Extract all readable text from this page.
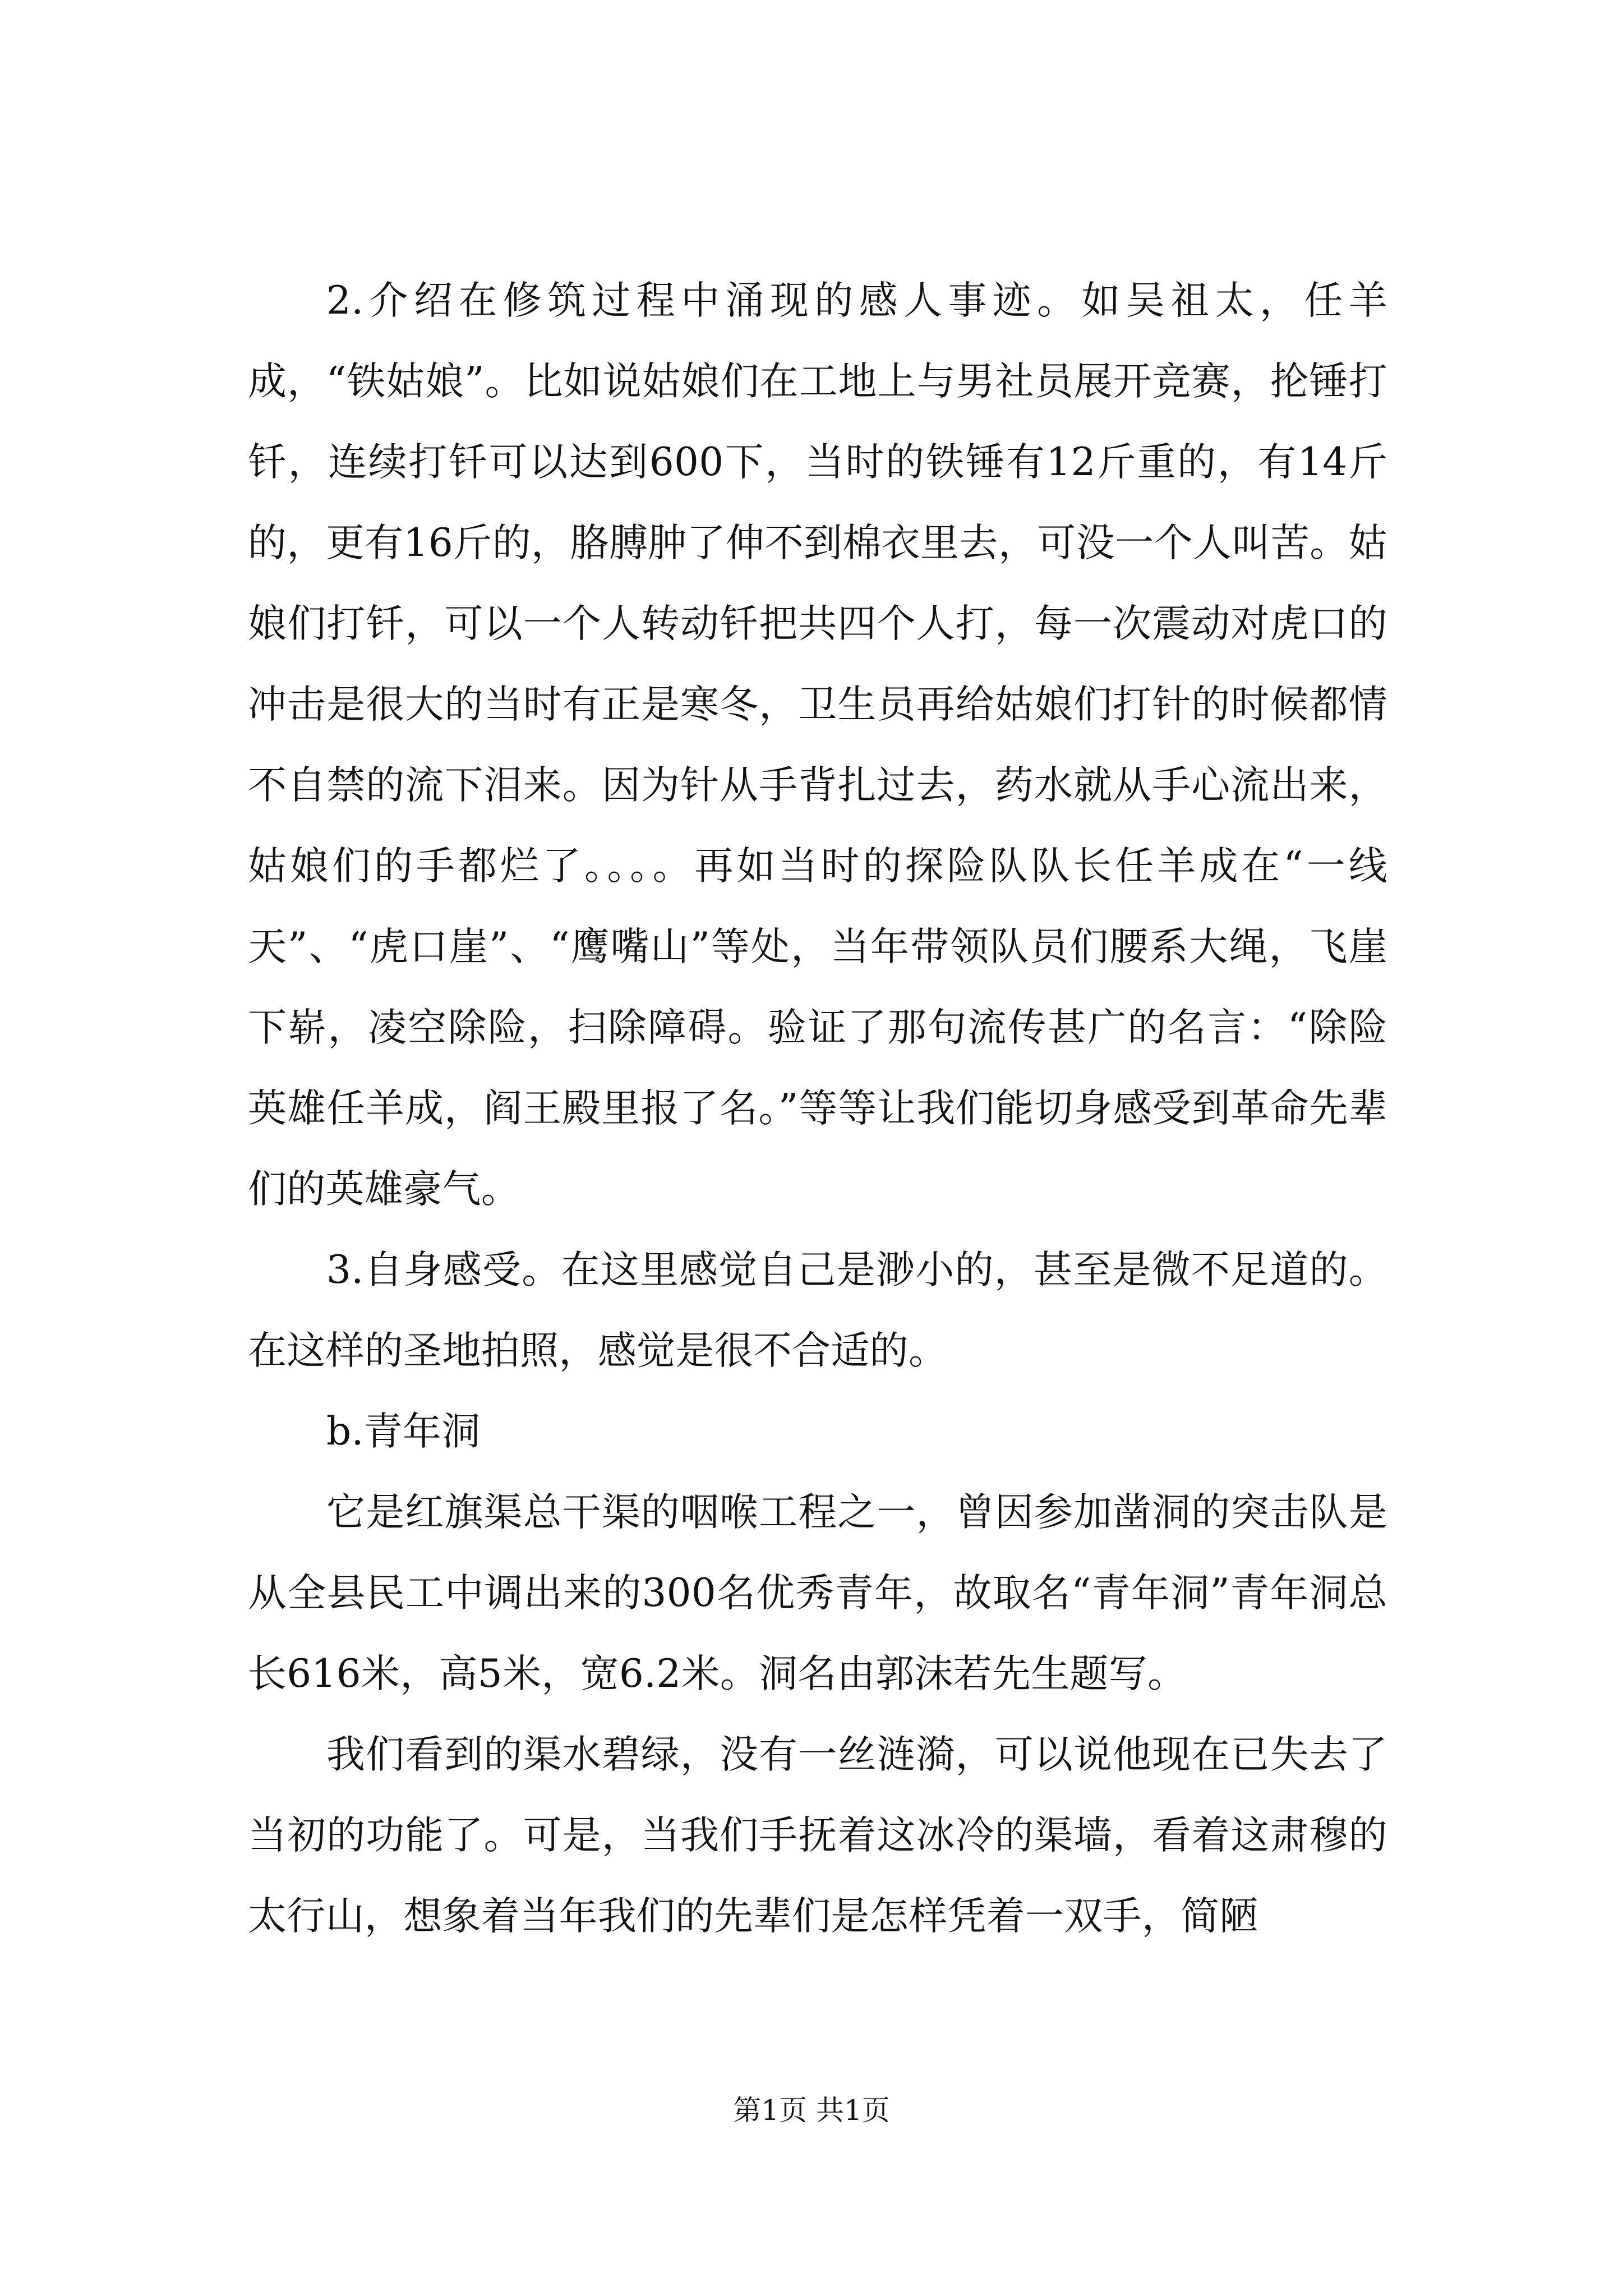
2.介绍在修筑过程中涌现的感人事迹。如吴祖太，任羊成，“铁姑娘”。比如说姑娘们在工地上与男社员展开竞赛，抡锤打钎，连续打钎可以达到600下，当时的铁锤有12斤重的，有14斤的，更有16斤的，胳膊肿了伸不到棉衣里去，可没一个人叫苦。姑娘们打钎，可以一个人转动钎把共四个人打，每一次震动对虎口的冲击是很大的当时有正是寒冬，卫生员再给姑娘们打针的时候都情不自禁的流下泪来。因为针从手背扎过去，药水就从手心流出来，姑娘们的手都烂了。。。。再如当时的探险队队长任羊成在“一线天”、“虎口崖”、“鹰嘴山”等处，当年带领队员们腰系大绳，飞崖下崭，凌空除险，扫除障碍。验证了那句流传甚广的名言：“除险英雄任羊成，阎王殿里报了名。”等等让我们能切身感受到革命先辈们的英雄豪气。

3.自身感受。在这里感觉自己是渺小的，甚至是微不足道的。在这样的圣地拍照，感觉是很不合适的。

b.青年洞

它是红旗渠总干渠的咽喉工程之一，曾因参加凿洞的突击队是从全县民工中调出来的300名优秀青年，故取名“青年洞”青年洞总长616米，高5米，宽6.2米。洞名由郭沫若先生题写。

我们看到的渠水碧绿，没有一丝涟漪，可以说他现在已失去了当初的功能了。可是，当我们手抚着这冰冷的渠墙，看着这肃穆的太行山，想象着当年我们的先辈们是怎样凭着一双手，简陋

第1页 共1页
